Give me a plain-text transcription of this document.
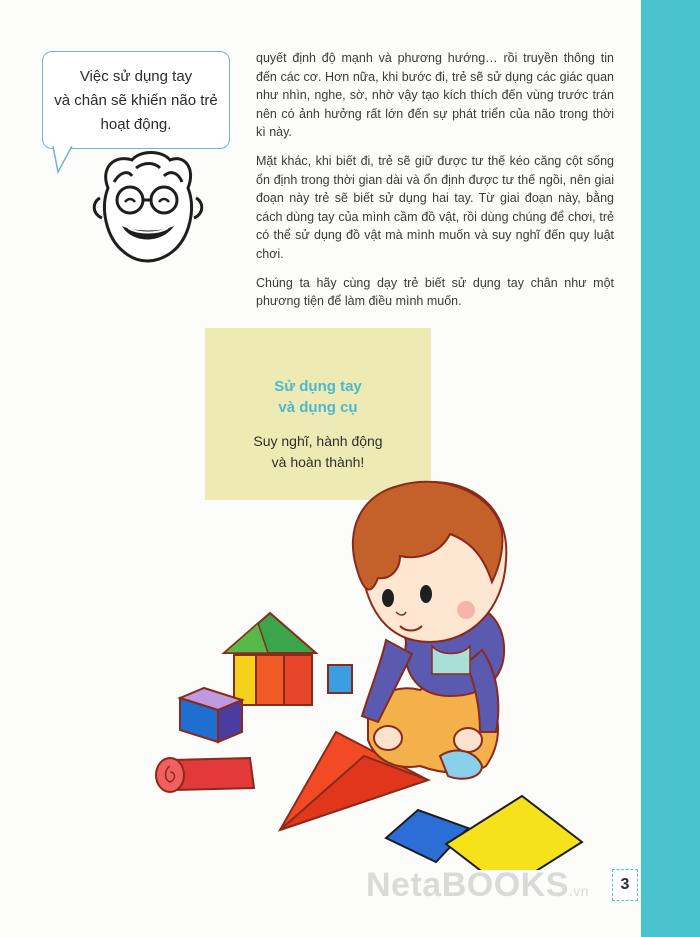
Việc sử dụng tay
và chân sẽ khiến não trẻ
hoạt động.

quyết định độ mạnh và phương hướng… rồi truyền thông tin đến các cơ. Hơn nữa, khi bước đi, trẻ sẽ sử dụng các giác quan như nhìn, nghe, sờ, nhờ vậy tạo kích thích đến vùng trước trán nên có ảnh hưởng rất lớn đến sự phát triển của não trong thời kì này.

Mặt khác, khi biết đi, trẻ sẽ giữ được tư thế kéo căng cột sống ổn định trong thời gian dài và ổn định được tư thế ngồi, nên giai đoạn này trẻ sẽ biết sử dụng hai tay. Từ giai đoạn này, bằng cách dùng tay của mình cầm đồ vật, rồi dùng chúng để chơi, trẻ có thể sử dụng đồ vật mà mình muốn và suy nghĩ đến quy luật chơi.

Chúng ta hãy cùng dạy trẻ biết sử dụng tay chân như một phương tiện để làm điều mình muốn.

Sử dụng tay
và dụng cụ
Suy nghĩ, hành động
và hoàn thành!
3
NetaBOOKS.vn
